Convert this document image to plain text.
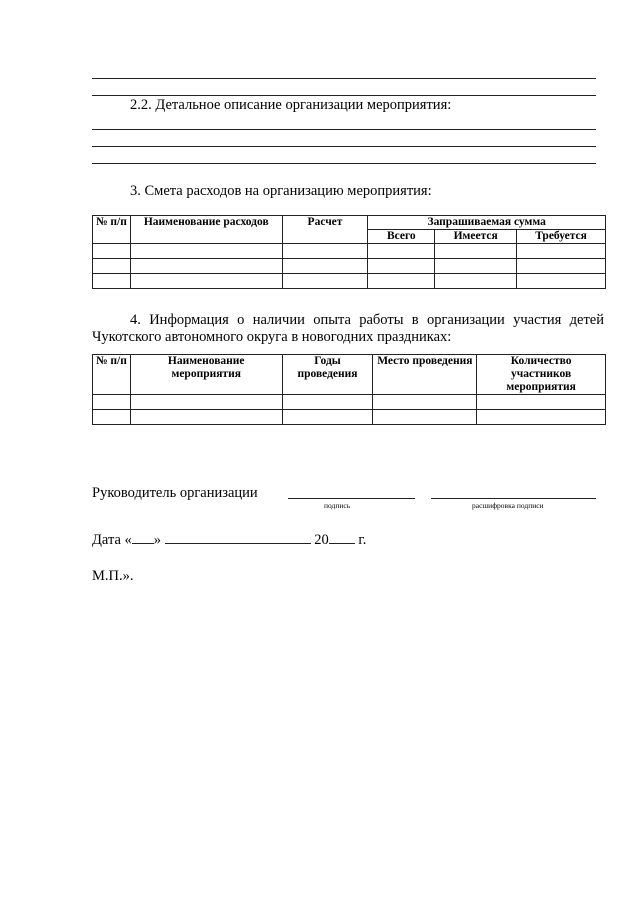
2.2. Детальное описание организации мероприятия:
3. Смета расходов на организацию мероприятия:
№ п/п	Наименование расходов	Расчет	Запрашиваемая сумма		
			Всего	Имеется	Требуется

4. Информация о наличии опыта работы в организации участия детей Чукотского автономного округа в новогодних праздниках:
№ п/п	Наименование мероприятия	Годы проведения	Место проведения	Количество участников мероприятия

Руководитель организации
подпись	расшифровка подписи
Дата « »	20 г.
М.П.».
